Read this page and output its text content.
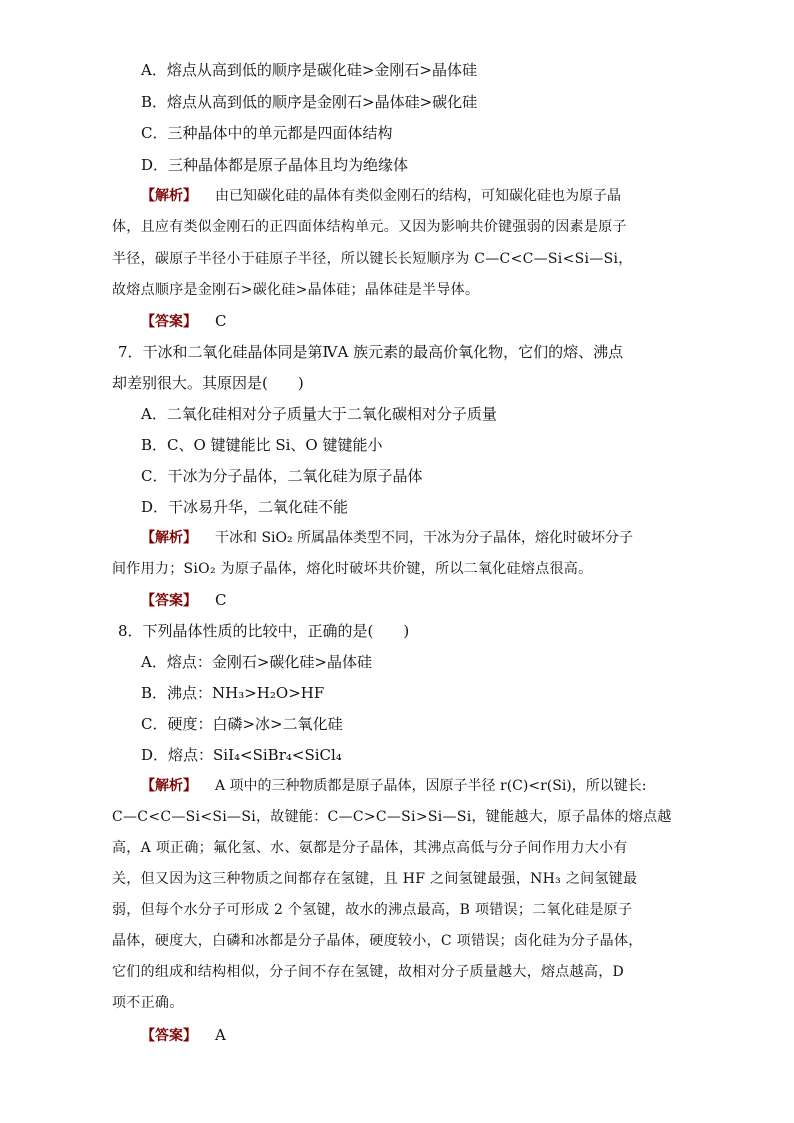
A．熔点从高到低的顺序是碳化硅>金刚石>晶体硅
B．熔点从高到低的顺序是金刚石>晶体硅>碳化硅
C．三种晶体中的单元都是四面体结构
D．三种晶体都是原子晶体且均为绝缘体
【解析】 由已知碳化硅的晶体有类似金刚石的结构，可知碳化硅也为原子晶
体，且应有类似金刚石的正四面体结构单元。又因为影响共价键强弱的因素是原子
半径，碳原子半径小于硅原子半径，所以键长长短顺序为 C—C<C—Si<Si—Si，
故熔点顺序是金刚石>碳化硅>晶体硅；晶体硅是半导体。
【答案】 C
7．干冰和二氧化硅晶体同是第ⅣA 族元素的最高价氧化物，它们的熔、沸点
却差别很大。其原因是(　　)
A．二氧化硅相对分子质量大于二氧化碳相对分子质量
B．C、O 键键能比 Si、O 键键能小
C．干冰为分子晶体，二氧化硅为原子晶体
D．干冰易升华，二氧化硅不能
【解析】 干冰和 SiO₂ 所属晶体类型不同，干冰为分子晶体，熔化时破坏分子
间作用力；SiO₂ 为原子晶体，熔化时破坏共价键，所以二氧化硅熔点很高。
【答案】 C
8．下列晶体性质的比较中，正确的是(　　)
A．熔点：金刚石>碳化硅>晶体硅
B．沸点：NH₃>H₂O>HF
C．硬度：白磷>冰>二氧化硅
D．熔点：SiI₄<SiBr₄<SiCl₄
【解析】 A 项中的三种物质都是原子晶体，因原子半径 r(C)<r(Si)，所以键长:
C—C<C—Si<Si—Si，故键能：C—C>C—Si>Si—Si，键能越大，原子晶体的熔点越
高，A 项正确；氟化氢、水、氨都是分子晶体，其沸点高低与分子间作用力大小有
关，但又因为这三种物质之间都存在氢键，且 HF 之间氢键最强，NH₃ 之间氢键最
弱，但每个水分子可形成 2 个氢键，故水的沸点最高，B 项错误；二氧化硅是原子
晶体，硬度大，白磷和冰都是分子晶体，硬度较小，C 项错误；卤化硅为分子晶体，
它们的组成和结构相似，分子间不存在氢键，故相对分子质量越大，熔点越高，D
项不正确。
【答案】 A
